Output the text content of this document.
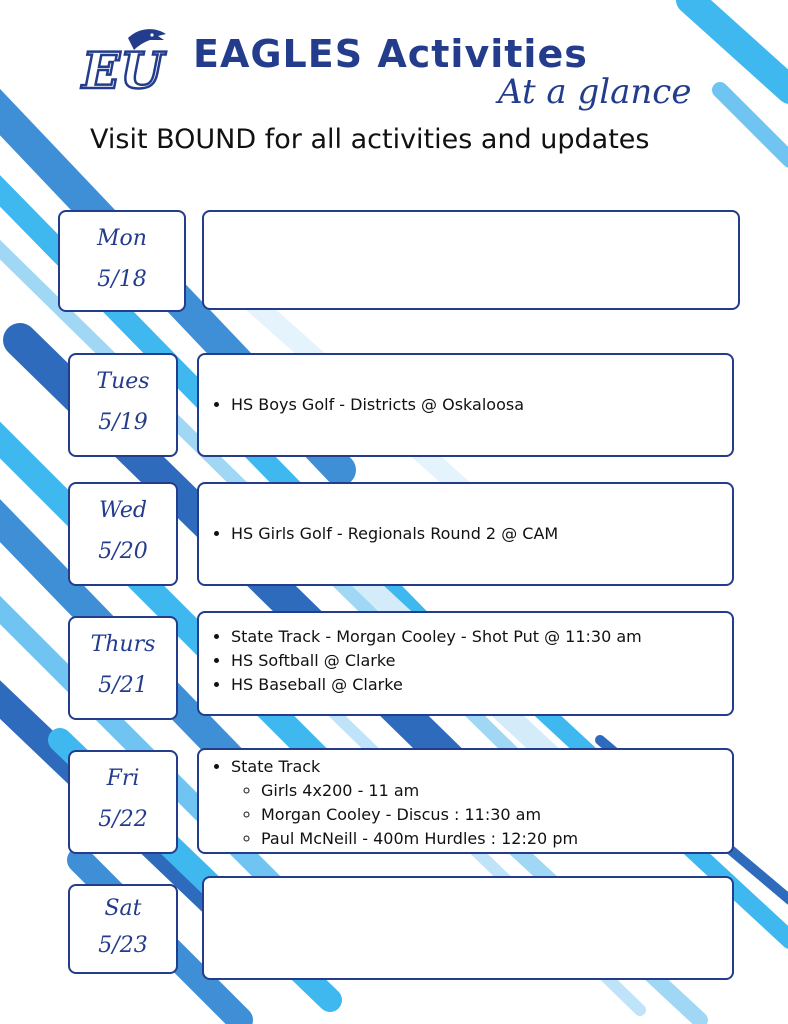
EU EAGLES Activities
At a glance
Visit BOUND for all activities and updates
Mon
5/18
Tues
5/19
• HS Boys Golf - Districts @ Oskaloosa
Wed
5/20
• HS Girls Golf - Regionals Round 2 @ CAM
Thurs
5/21
• State Track - Morgan Cooley - Shot Put @ 11:30 am
• HS Softball @ Clarke
• HS Baseball @ Clarke
Fri
5/22
• State Track
◦ Girls 4x200 - 11 am
◦ Morgan Cooley - Discus : 11:30 am
◦ Paul McNeill - 400m Hurdles : 12:20 pm
Sat
5/23
